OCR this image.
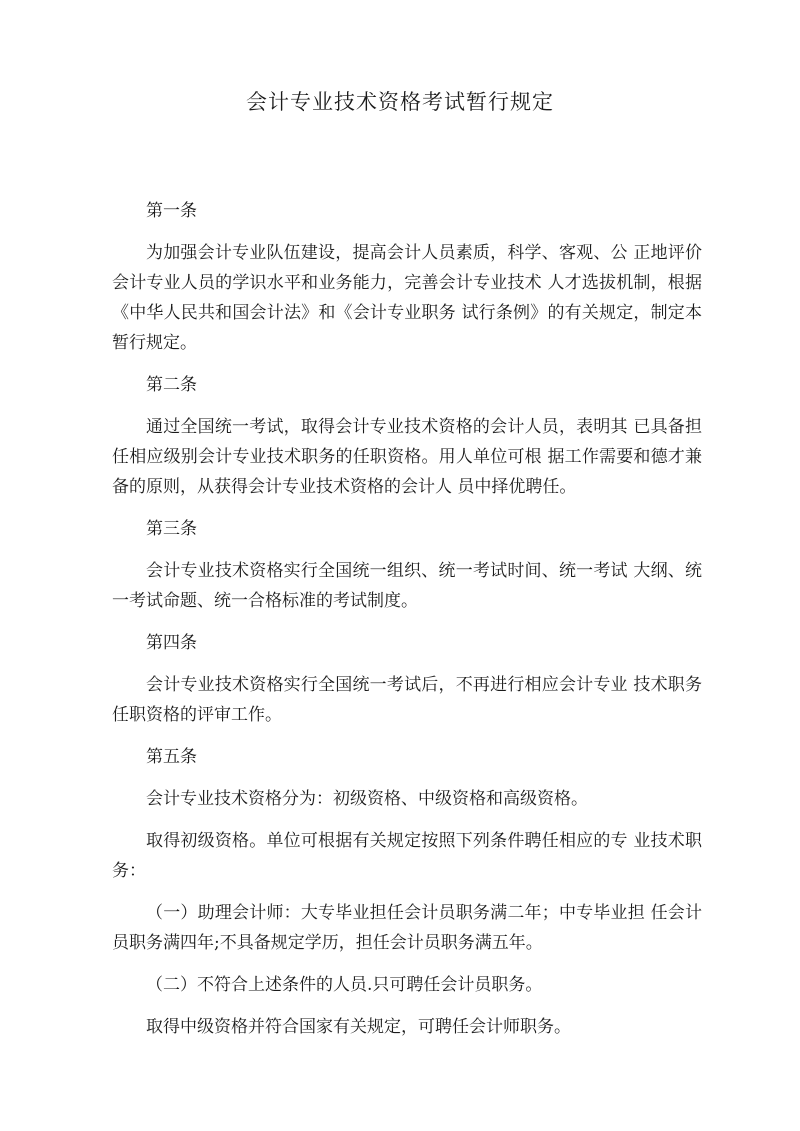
会计专业技术资格考试暂行规定
第一条

为加强会计专业队伍建设，提高会计人员素质，科学、客观、公 正地评价会计专业人员的学识水平和业务能力，完善会计专业技术 人才选拔机制，根据《中华人民共和国会计法》和《会计专业职务 试行条例》的有关规定，制定本暂行规定。

第二条

通过全国统一考试，取得会计专业技术资格的会计人员，表明其 已具备担任相应级别会计专业技术职务的任职资格。用人单位可根 据工作需要和德才兼备的原则，从获得会计专业技术资格的会计人 员中择优聘任。

第三条

会计专业技术资格实行全国统一组织、统一考试时间、统一考试 大纲、统一考试命题、统一合格标准的考试制度。

第四条

会计专业技术资格实行全国统一考试后，不再进行相应会计专业 技术职务任职资格的评审工作。

第五条

会计专业技术资格分为：初级资格、中级资格和高级资格。

取得初级资格。单位可根据有关规定按照下列条件聘任相应的专 业技术职务：

（一）助理会计师：大专毕业担任会计员职务满二年；中专毕业担 任会计员职务满四年;不具备规定学历，担任会计员职务满五年。

（二）不符合上述条件的人员.只可聘任会计员职务。

取得中级资格并符合国家有关规定，可聘任会计师职务。
